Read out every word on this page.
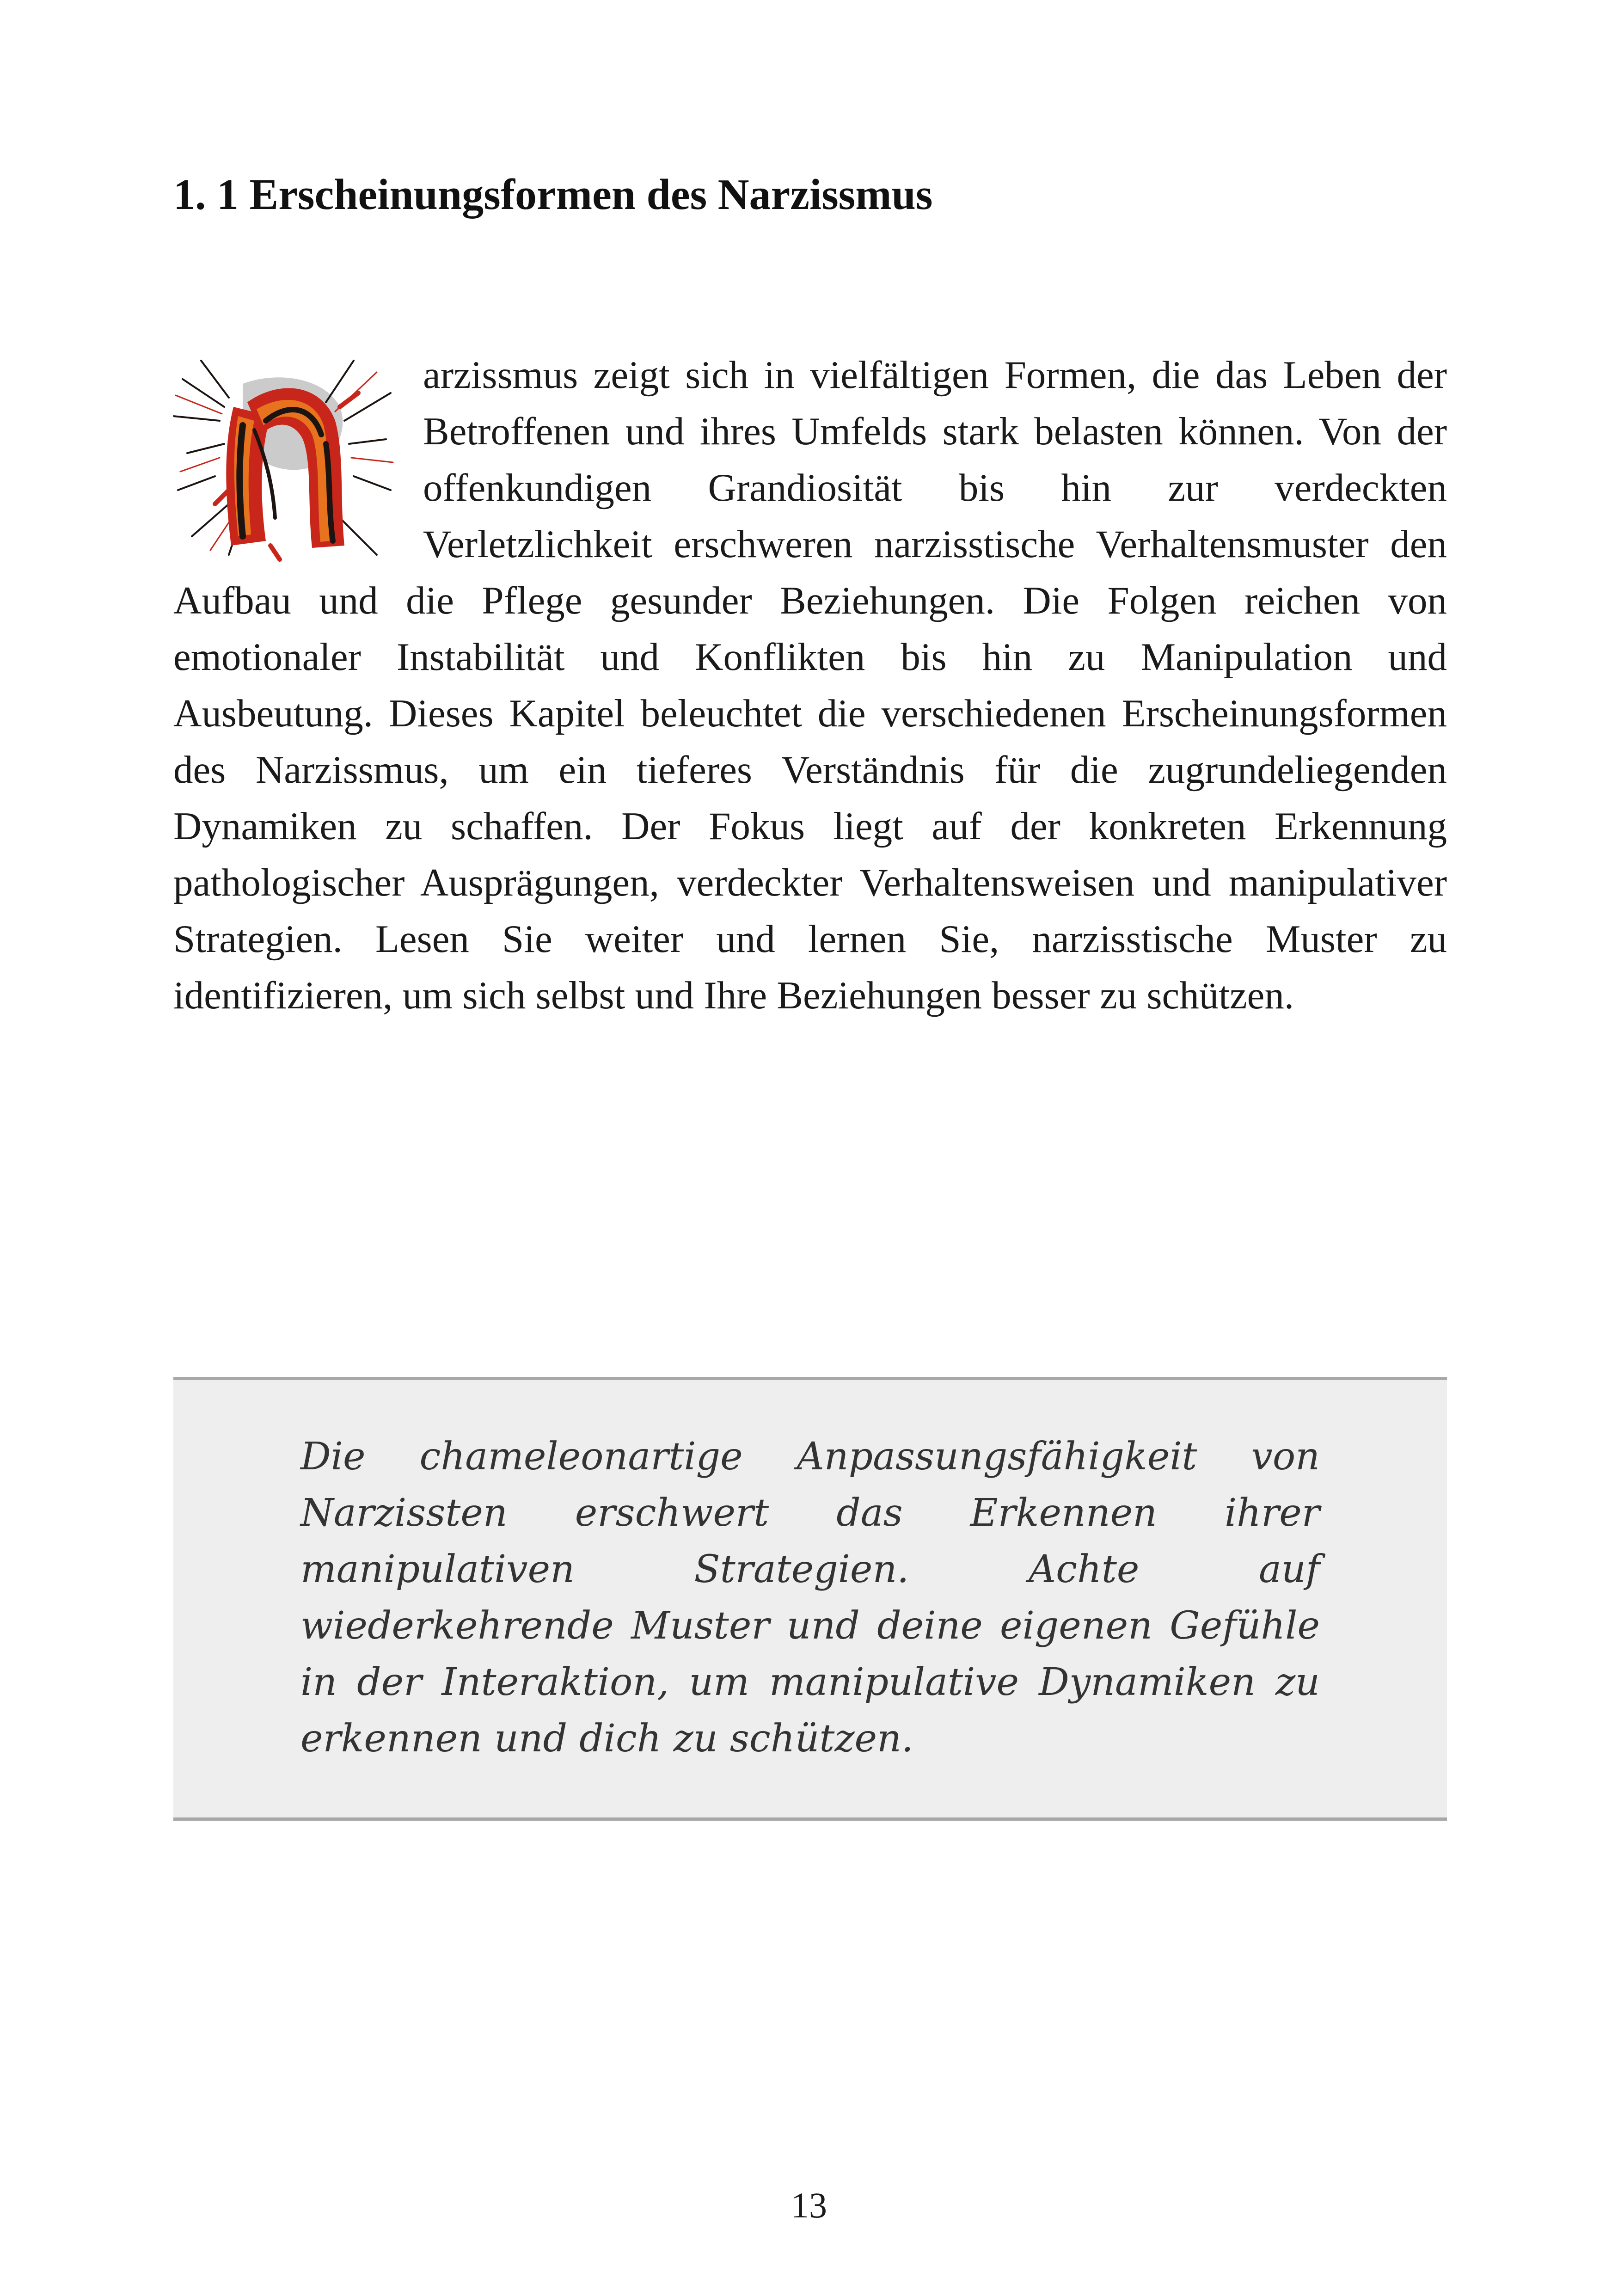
1. 1 Erscheinungsformen des Narzissmus

arzissmus zeigt sich in vielfältigen Formen, die das Leben der Betroffenen und ihres Umfelds stark belasten können. Von der offenkundigen Grandiosität bis hin zur verdeckten Verletzlichkeit erschweren narzisstische Verhaltensmuster den Aufbau und die Pflege gesunder Beziehungen. Die Folgen reichen von emotionaler Instabilität und Konflikten bis hin zu Manipulation und Ausbeutung. Dieses Kapitel beleuchtet die verschiedenen Erscheinungsformen des Narzissmus, um ein tieferes Verständnis für die zugrundeliegenden Dynamiken zu schaffen. Der Fokus liegt auf der konkreten Erkennung pathologischer Ausprägungen, verdeckter Verhaltensweisen und manipulativer Strategien. Lesen Sie weiter und lernen Sie, narzisstische Muster zu identifizieren, um sich selbst und Ihre Beziehungen besser zu schützen.

Die chameleonartige Anpassungsfähigkeit von Narzissten erschwert das Erkennen ihrer manipulativen Strategien. Achte auf wiederkehrende Muster und deine eigenen Gefühle in der Interaktion, um manipulative Dynamiken zu erkennen und dich zu schützen.

13
